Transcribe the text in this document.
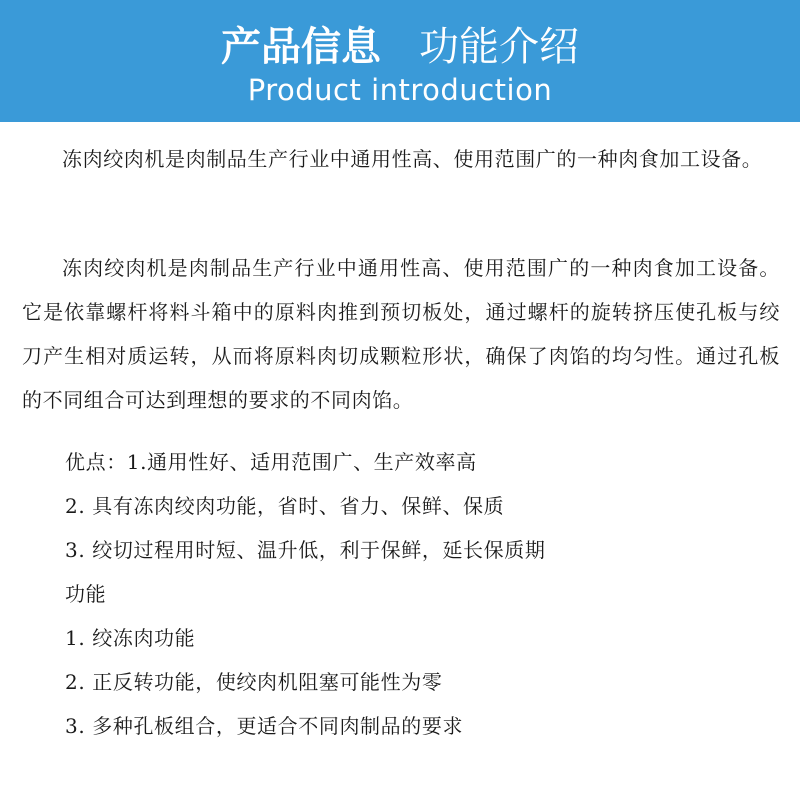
产品信息 功能介绍
Product introduction
冻肉绞肉机是肉制品生产行业中通用性高、使用范围广的一种肉食加工设备。
冻肉绞肉机是肉制品生产行业中通用性高、使用范围广的一种肉食加工设备。它是依靠螺杆将料斗箱中的原料肉推到预切板处，通过螺杆的旋转挤压使孔板与绞刀产生相对质运转，从而将原料肉切成颗粒形状，确保了肉馅的均匀性。通过孔板的不同组合可达到理想的要求的不同肉馅。
优点：1.通用性好、适用范围广、生产效率高
2. 具有冻肉绞肉功能，省时、省力、保鲜、保质
3. 绞切过程用时短、温升低，利于保鲜，延长保质期
功能
1. 绞冻肉功能
2. 正反转功能，使绞肉机阻塞可能性为零
3. 多种孔板组合，更适合不同肉制品的要求
